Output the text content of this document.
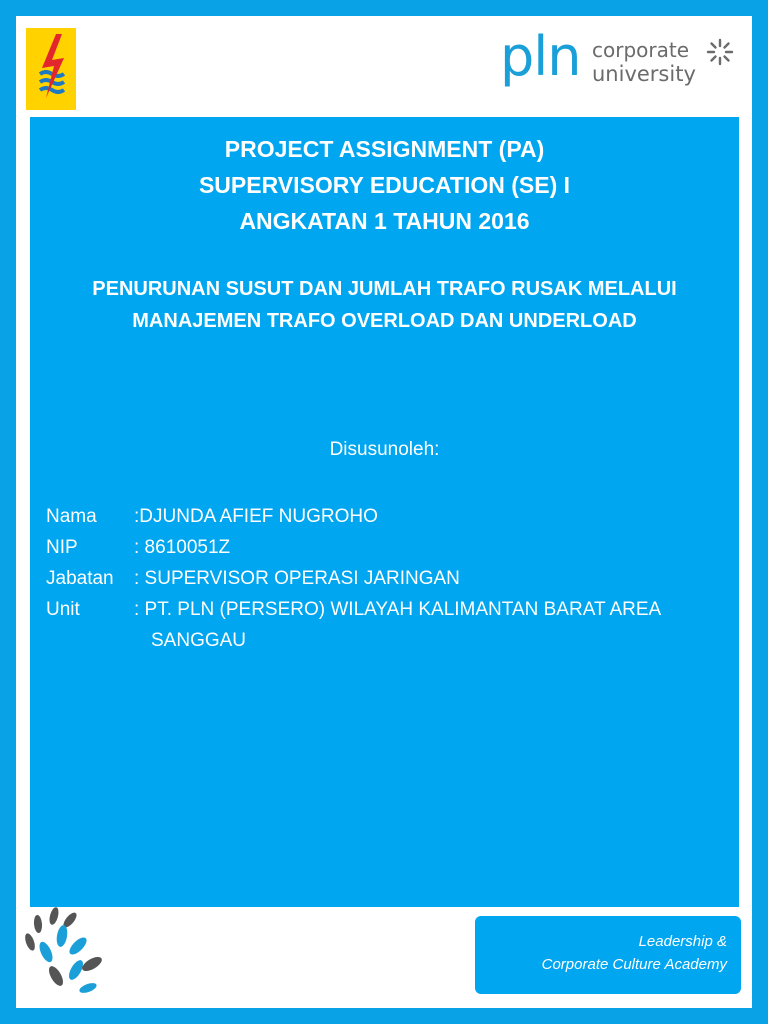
pln corporate
university
PROJECT ASSIGNMENT (PA)
SUPERVISORY EDUCATION (SE) I
ANGKATAN 1 TAHUN 2016
PENURUNAN SUSUT DAN JUMLAH TRAFO RUSAK MELALUI
MANAJEMEN TRAFO OVERLOAD DAN UNDERLOAD
Disusunoleh:
Nama	:DJUNDA AFIEF NUGROHO
NIP	: 8610051Z
Jabatan	: SUPERVISOR OPERASI JARINGAN
Unit	: PT. PLN (PERSERO) WILAYAH KALIMANTAN BARAT AREA
SANGGAU
Leadership &
Corporate Culture Academy
